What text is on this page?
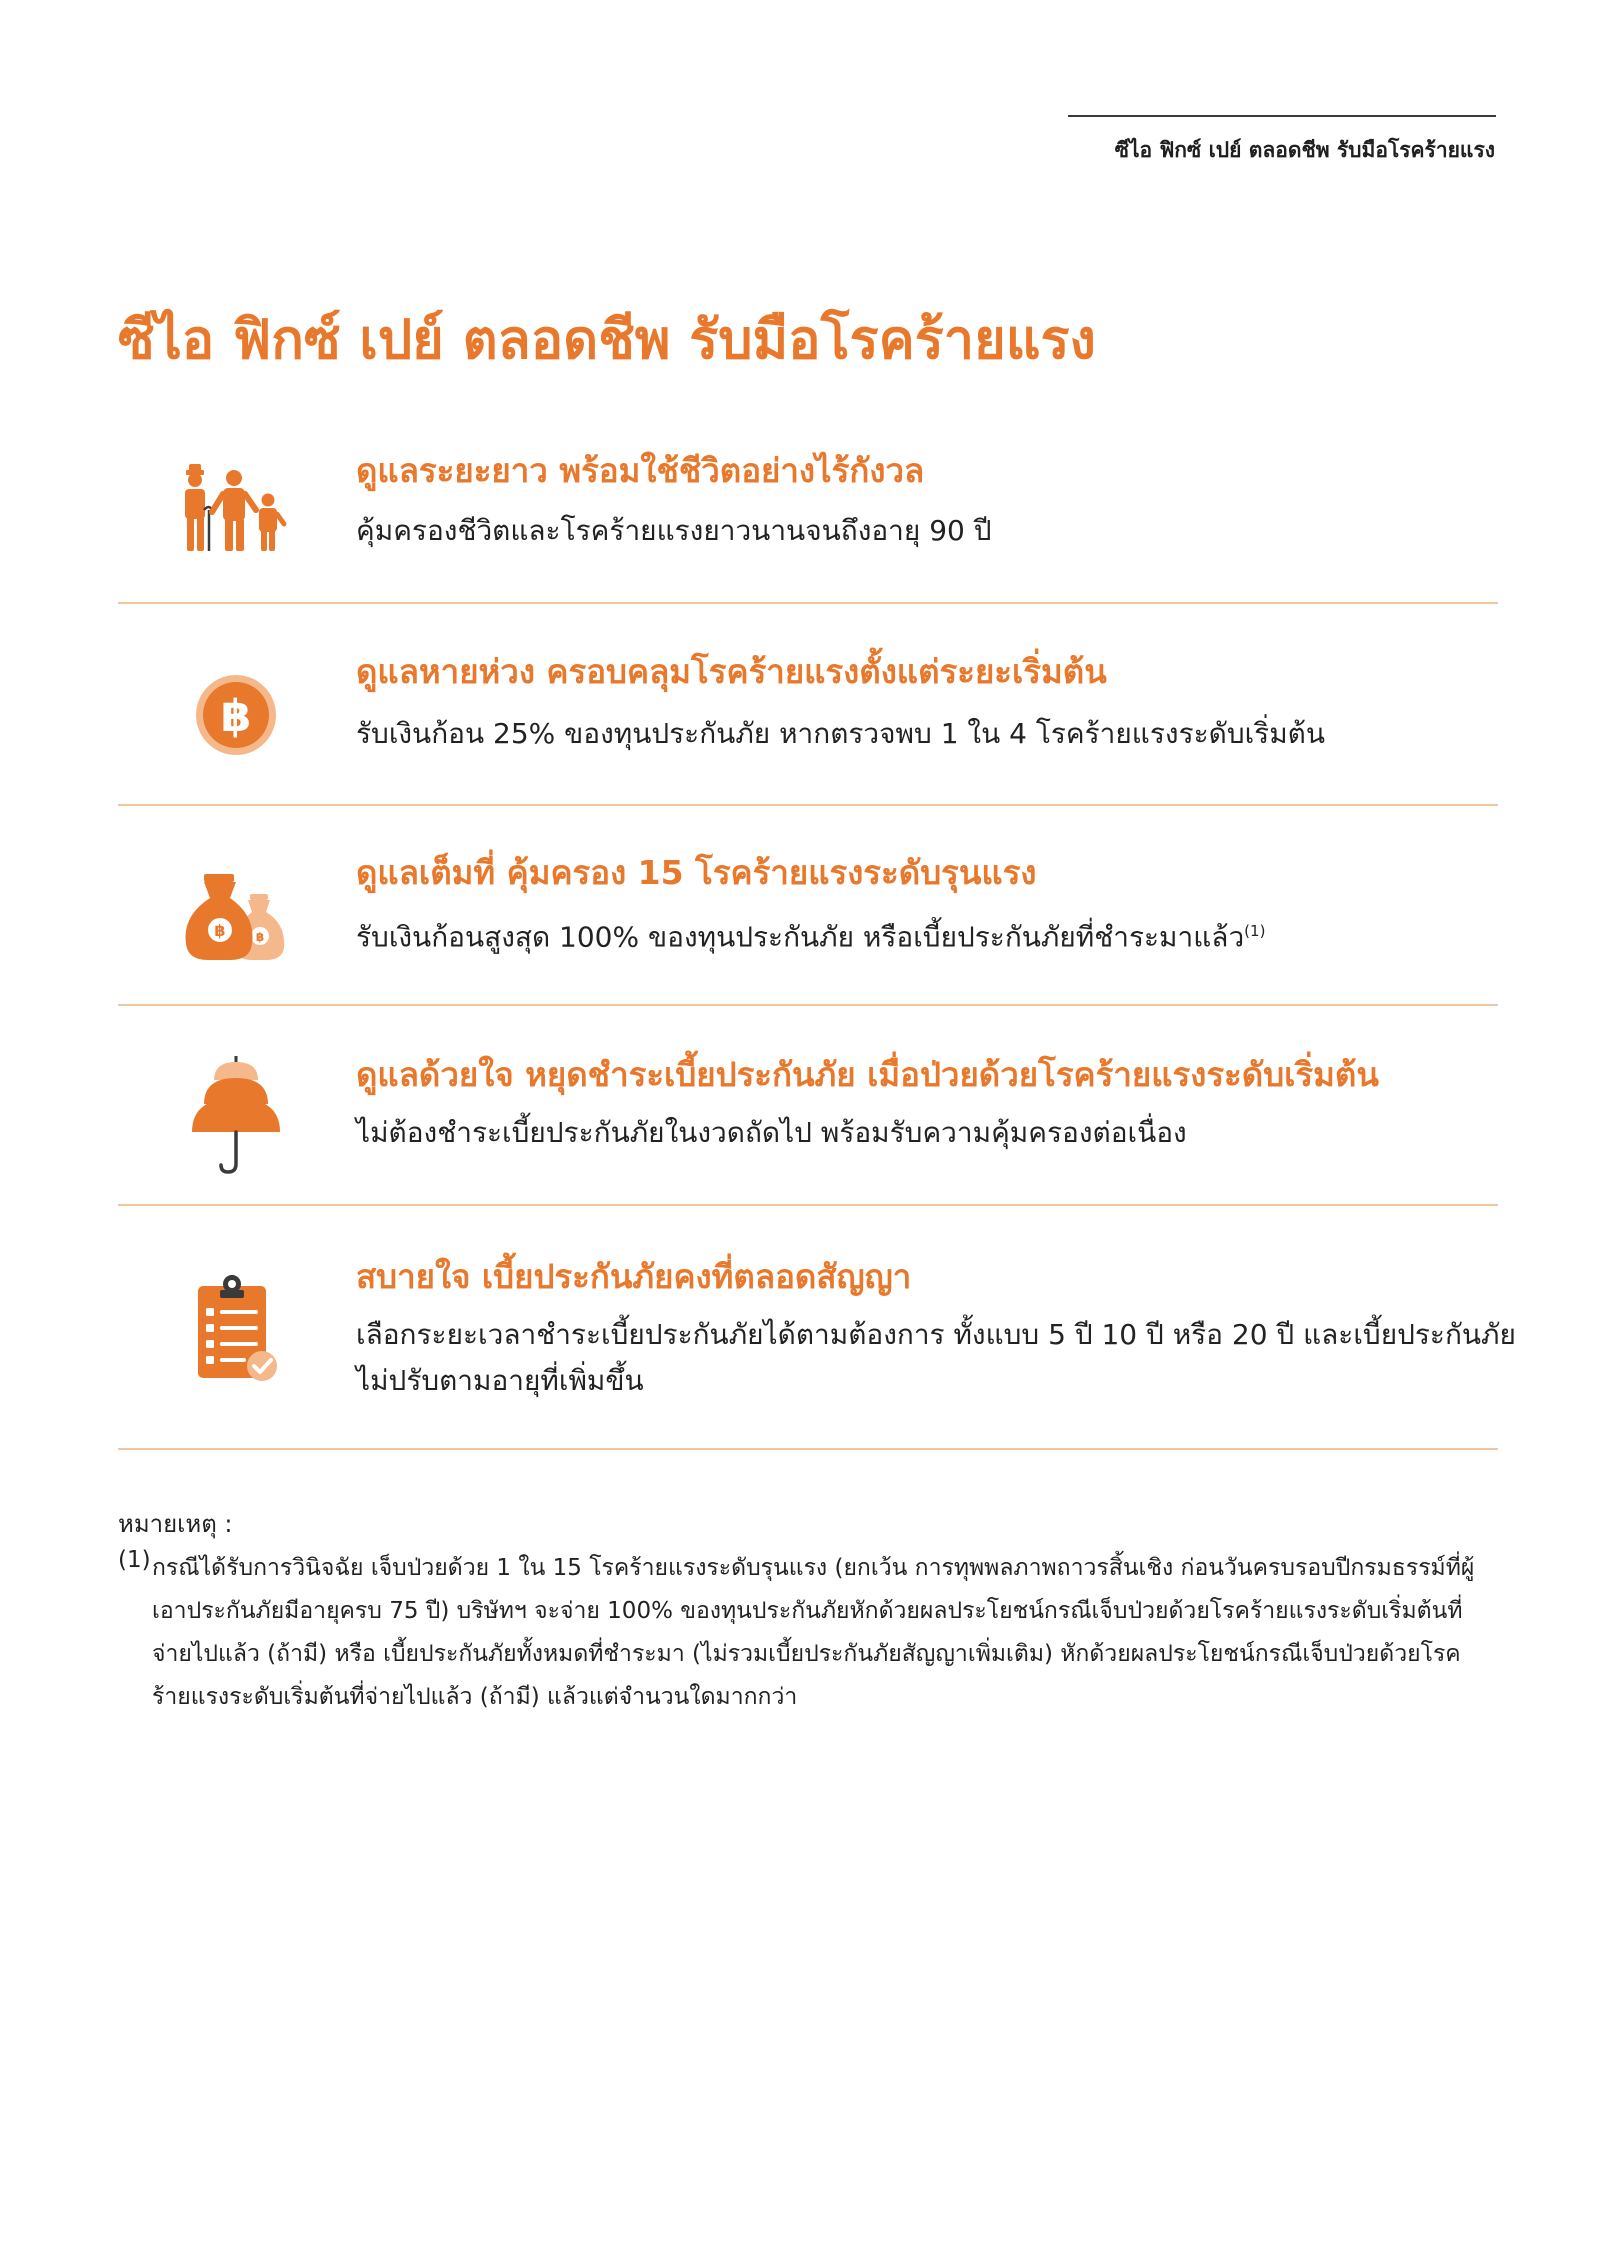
ซีไอ ฟิกซ์ เปย์ ตลอดชีพ รับมือโรคร้ายแรง
ซีไอ ฟิกซ์ เปย์ ตลอดชีพ รับมือโรคร้ายแรง
ดูแลระยะยาว พร้อมใช้ชีวิตอย่างไร้กังวล
คุ้มครองชีวิตและโรคร้ายแรงยาวนานจนถึงอายุ 90 ปี
฿
ดูแลหายห่วง ครอบคลุมโรคร้ายแรงตั้งแต่ระยะเริ่มต้น
รับเงินก้อน 25% ของทุนประกันภัย หากตรวจพบ 1 ใน 4 โรคร้ายแรงระดับเริ่มต้น
฿
฿
ดูแลเต็มที่ คุ้มครอง 15 โรคร้ายแรงระดับรุนแรง
รับเงินก้อนสูงสุด 100% ของทุนประกันภัย หรือเบี้ยประกันภัยที่ชำระมาแล้ว$^{(1)}$
ดูแลด้วยใจ หยุดชำระเบี้ยประกันภัย เมื่อป่วยด้วยโรคร้ายแรงระดับเริ่มต้น
ไม่ต้องชำระเบี้ยประกันภัยในงวดถัดไป พร้อมรับความคุ้มครองต่อเนื่อง
สบายใจ เบี้ยประกันภัยคงที่ตลอดสัญญา
เลือกระยะเวลาชำระเบี้ยประกันภัยได้ตามต้องการ ทั้งแบบ 5 ปี 10 ปี หรือ 20 ปี และเบี้ยประกันภัย
ไม่ปรับตามอายุที่เพิ่มขึ้น
หมายเหตุ :
(1) กรณีได้รับการวินิจฉัย เจ็บป่วยด้วย 1 ใน 15 โรคร้ายแรงระดับรุนแรง (ยกเว้น การทุพพลภาพถาวรสิ้นเชิง ก่อนวันครบรอบปีกรมธรรม์ที่ผู้เอาประกันภัยมีอายุครบ 75 ปี) บริษัทฯ จะจ่าย 100% ของทุนประกันภัยหักด้วยผลประโยชน์กรณีเจ็บป่วยด้วยโรคร้ายแรงระดับเริ่มต้นที่จ่ายไปแล้ว (ถ้ามี) หรือ เบี้ยประกันภัยทั้งหมดที่ชำระมา (ไม่รวมเบี้ยประกันภัยสัญญาเพิ่มเติม) หักด้วยผลประโยชน์กรณีเจ็บป่วยด้วยโรคร้ายแรงระดับเริ่มต้นที่จ่ายไปแล้ว (ถ้ามี) แล้วแต่จำนวนใดมากกว่า
